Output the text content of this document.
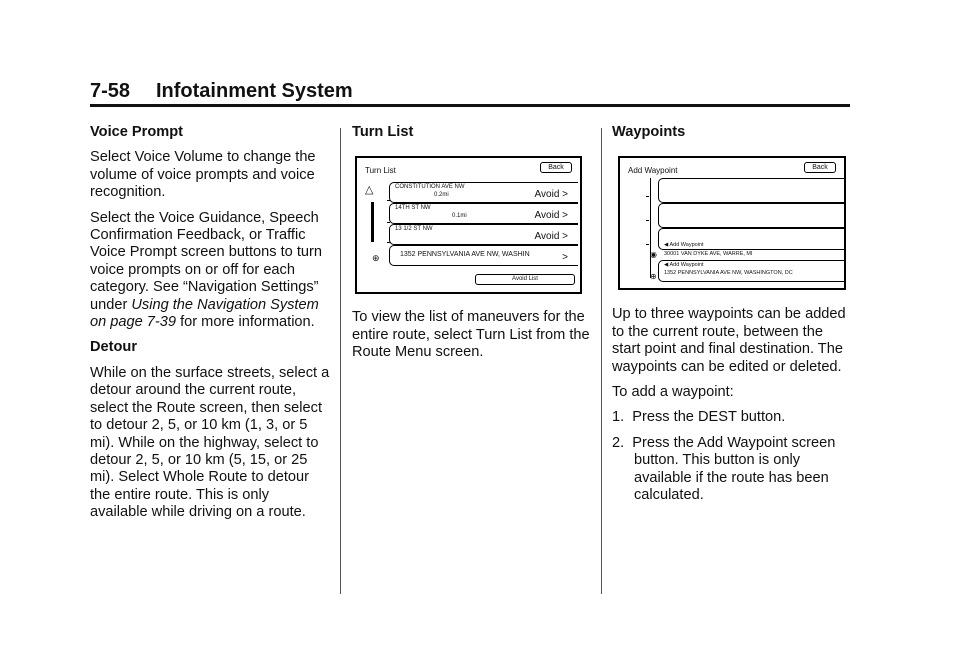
7-58 Infotainment System

Voice Prompt

Select Voice Volume to change the volume of voice prompts and voice recognition.

Select the Voice Guidance, Speech Confirmation Feedback, or Traffic Voice Prompt screen buttons to turn voice prompts on or off for each category. See “Navigation Settings” under Using the Navigation System on page 7-39 for more information.

Detour

While on the surface streets, select a detour around the current route, select the Route screen, then select to detour 2, 5, or 10 km (1, 3, or 5 mi). While on the highway, select to detour 2, 5, or 10 km (5, 15, or 25 mi). Select Whole Route to detour the entire route. This is only available while driving on a route.

Turn List

Turn List	Back
△	CONSTITUTION AVE NW
0.2mi	Avoid >
14TH ST NW
0.1mi	Avoid >
13 1/2 ST NW
Avoid >
⊕	1352 PENNSYLVANIA AVE NW, WASHIN	>
Avoid List

To view the list of maneuvers for the entire route, select Turn List from the Route Menu screen.

Waypoints

Add Waypoint	Back
◀ Add Waypoint
◉ 30001 VAN DYKE AVE, WARRE, MI
◀ Add Waypoint
⊕ 1352 PENNSYLVANIA AVE NW, WASHINGTON, DC

Up to three waypoints can be added to the current route, between the start point and final destination. The waypoints can be edited or deleted.

To add a waypoint:

1. Press the DEST button.

2. Press the Add Waypoint screen button. This button is only available if the route has been calculated.
